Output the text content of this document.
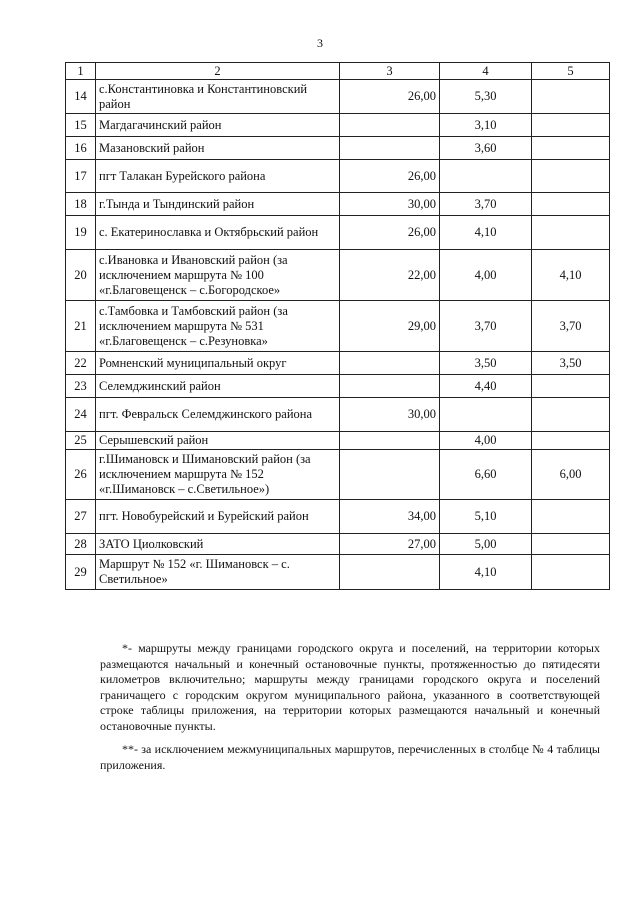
3
1	2	3	4	5
14	с.Константиновка и Константиновский район	26,00	5,30	
15	Магдагачинский район		3,10	
16	Мазановский район		3,60	
17	пгт Талакан Бурейского района	26,00		
18	г.Тында и Тындинский район	30,00	3,70	
19	с. Екатеринославка и Октябрьский район	26,00	4,10	
20	с.Ивановка и Ивановский район (за исключением маршрута № 100 «г.Благовещенск – с.Богородское»	22,00	4,00	4,10
21	с.Тамбовка и Тамбовский район (за исключением маршрута № 531 «г.Благовещенск – с.Резуновка»	29,00	3,70	3,70
22	Ромненский муниципальный округ		3,50	3,50
23	Селемджинский район		4,40	
24	пгт. Февральск Селемджинского района	30,00		
25	Серышевский район		4,00	
26	г.Шимановск и Шимановский район (за исключением маршрута № 152 «г.Шимановск – с.Светильное»)		6,60	6,00
27	пгт. Новобурейский и Бурейский район	34,00	5,10	
28	ЗАТО Циолковский	27,00	5,00	
29	Маршрут № 152 «г. Шимановск – с. Светильное»		4,10	

*- маршруты между границами городского округа и поселений, на территории которых размещаются начальный и конечный остановочные пункты, протяженностью до пятидесяти километров включительно; маршруты между границами городского округа и поселений граничащего с городским округом муниципального района, указанного в соответствующей строке таблицы приложения, на территории которых размещаются начальный и конечный остановочные пункты.

**- за исключением межмуниципальных маршрутов, перечисленных в столбце № 4 таблицы приложения.
